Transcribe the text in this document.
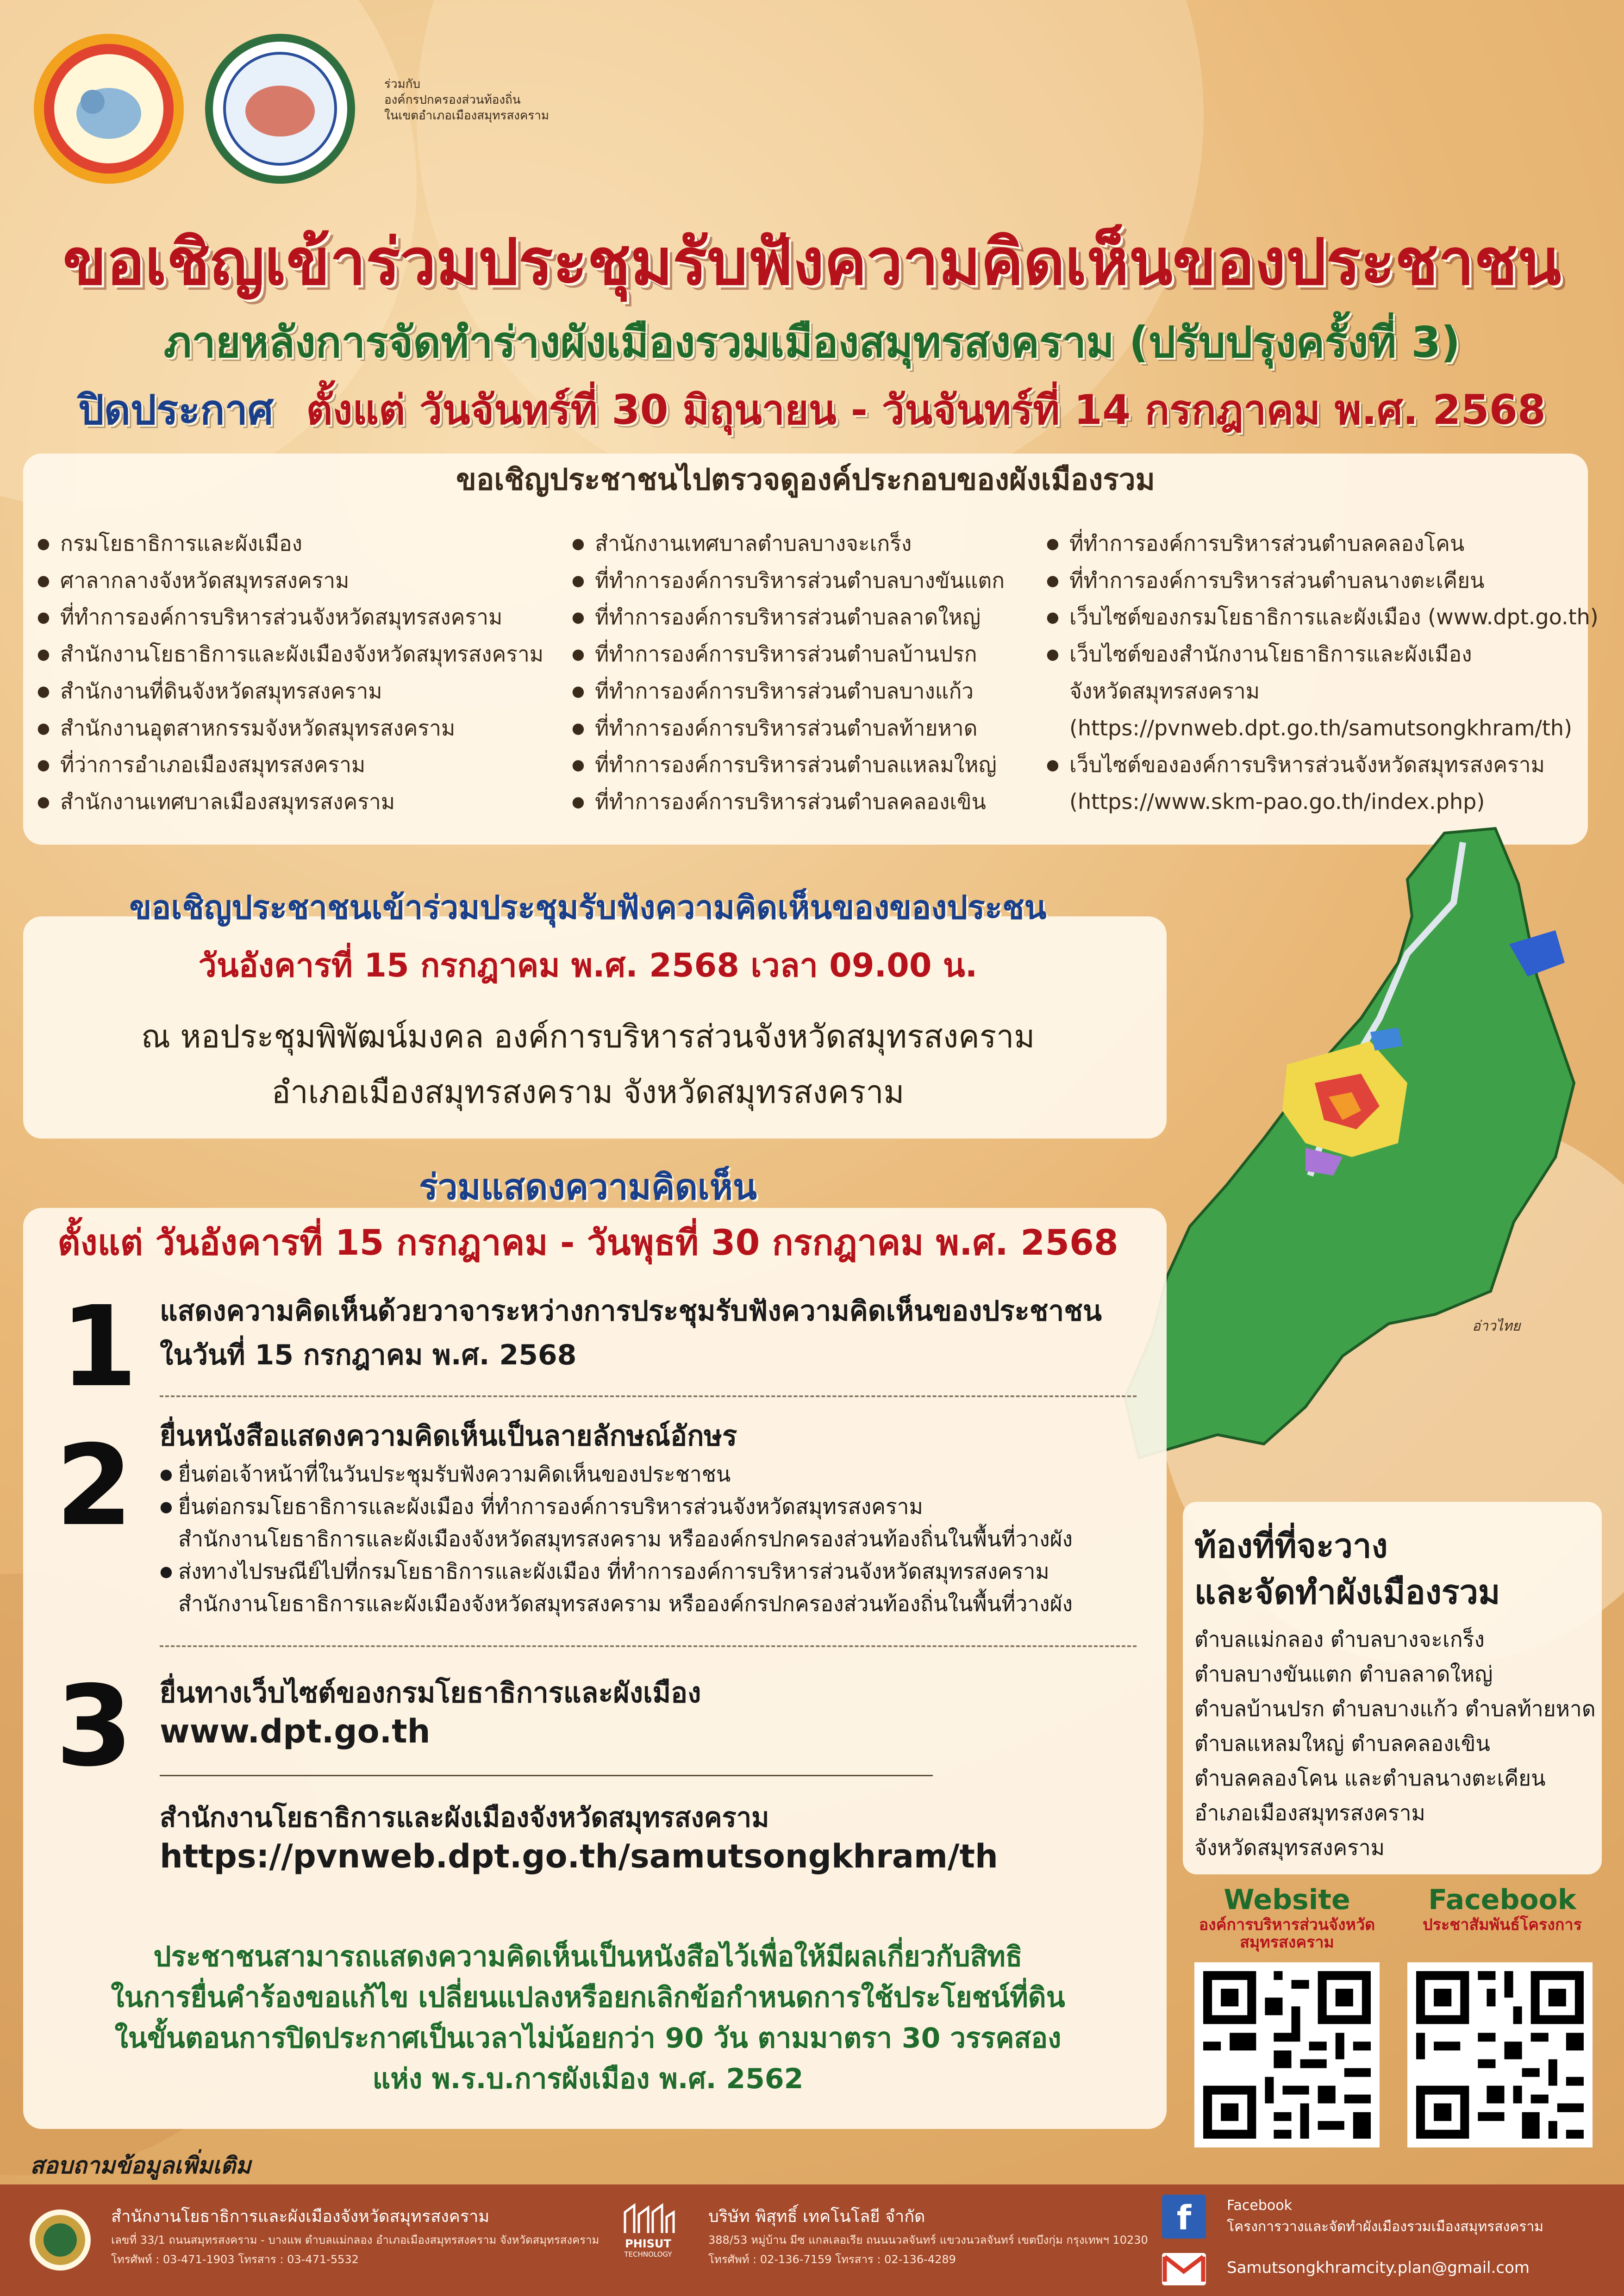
ร่วมกับ
องค์กรปกครองส่วนท้องถิ่น
ในเขตอำเภอเมืองสมุทรสงคราม
ขอเชิญเข้าร่วมประชุมรับฟังความคิดเห็นของประชาชน
ภายหลังการจัดทำร่างผังเมืองรวมเมืองสมุทรสงคราม (ปรับปรุงครั้งที่ 3)
ปิดประกาศ ตั้งแต่ วันจันทร์ที่ 30 มิถุนายน - วันจันทร์ที่ 14 กรกฎาคม พ.ศ. 2568
ขอเชิญประชาชนไปตรวจดูองค์ประกอบของผังเมืองรวม
● กรมโยธาธิการและผังเมือง
● ศาลากลางจังหวัดสมุทรสงคราม
● ที่ทำการองค์การบริหารส่วนจังหวัดสมุทรสงคราม
● สำนักงานโยธาธิการและผังเมืองจังหวัดสมุทรสงคราม
● สำนักงานที่ดินจังหวัดสมุทรสงคราม
● สำนักงานอุตสาหกรรมจังหวัดสมุทรสงคราม
● ที่ว่าการอำเภอเมืองสมุทรสงคราม
● สำนักงานเทศบาลเมืองสมุทรสงคราม
● สำนักงานเทศบาลตำบลบางจะเกร็ง
● ที่ทำการองค์การบริหารส่วนตำบลบางขันแตก
● ที่ทำการองค์การบริหารส่วนตำบลลาดใหญ่
● ที่ทำการองค์การบริหารส่วนตำบลบ้านปรก
● ที่ทำการองค์การบริหารส่วนตำบลบางแก้ว
● ที่ทำการองค์การบริหารส่วนตำบลท้ายหาด
● ที่ทำการองค์การบริหารส่วนตำบลแหลมใหญ่
● ที่ทำการองค์การบริหารส่วนตำบลคลองเขิน
● ที่ทำการองค์การบริหารส่วนตำบลคลองโคน
● ที่ทำการองค์การบริหารส่วนตำบลนางตะเคียน
● เว็บไซต์ของกรมโยธาธิการและผังเมือง (www.dpt.go.th)
● เว็บไซต์ของสำนักงานโยธาธิการและผังเมือง
จังหวัดสมุทรสงคราม
(https://pvnweb.dpt.go.th/samutsongkhram/th)
● เว็บไซต์ขององค์การบริหารส่วนจังหวัดสมุทรสงคราม
(https://www.skm-pao.go.th/index.php)
อ่าวไทย
ขอเชิญประชาชนเข้าร่วมประชุมรับฟังความคิดเห็นของของประชน
วันอังคารที่ 15 กรกฎาคม พ.ศ. 2568 เวลา 09.00 น.
ณ หอประชุมพิพัฒน์มงคล องค์การบริหารส่วนจังหวัดสมุทรสงคราม
อำเภอเมืองสมุทรสงคราม จังหวัดสมุทรสงคราม
ร่วมแสดงความคิดเห็น
ตั้งแต่ วันอังคารที่ 15 กรกฎาคม - วันพุธที่ 30 กรกฎาคม พ.ศ. 2568
1 แสดงความคิดเห็นด้วยวาจาระหว่างการประชุมรับฟังความคิดเห็นของประชาชน
ในวันที่ 15 กรกฎาคม พ.ศ. 2568
2 ยื่นหนังสือแสดงความคิดเห็นเป็นลายลักษณ์อักษร
● ยื่นต่อเจ้าหน้าที่ในวันประชุมรับฟังความคิดเห็นของประชาชน
● ยื่นต่อกรมโยธาธิการและผังเมือง ที่ทำการองค์การบริหารส่วนจังหวัดสมุทรสงคราม
สำนักงานโยธาธิการและผังเมืองจังหวัดสมุทรสงคราม หรือองค์กรปกครองส่วนท้องถิ่นในพื้นที่วางผัง
● ส่งทางไปรษณีย์ไปที่กรมโยธาธิการและผังเมือง ที่ทำการองค์การบริหารส่วนจังหวัดสมุทรสงคราม
สำนักงานโยธาธิการและผังเมืองจังหวัดสมุทรสงคราม หรือองค์กรปกครองส่วนท้องถิ่นในพื้นที่วางผัง
3 ยื่นทางเว็บไซต์ของกรมโยธาธิการและผังเมือง
www.dpt.go.th
สำนักงานโยธาธิการและผังเมืองจังหวัดสมุทรสงคราม
https://pvnweb.dpt.go.th/samutsongkhram/th
ประชาชนสามารถแสดงความคิดเห็นเป็นหนังสือไว้เพื่อให้มีผลเกี่ยวกับสิทธิ
ในการยื่นคำร้องขอแก้ไข เปลี่ยนแปลงหรือยกเลิกข้อกำหนดการใช้ประโยชน์ที่ดิน
ในขั้นตอนการปิดประกาศเป็นเวลาไม่น้อยกว่า 90 วัน ตามมาตรา 30 วรรคสอง
แห่ง พ.ร.บ.การผังเมือง พ.ศ. 2562
ท้องที่ที่จะวาง
และจัดทำผังเมืองรวม
ตำบลแม่กลอง ตำบลบางจะเกร็ง
ตำบลบางขันแตก ตำบลลาดใหญ่
ตำบลบ้านปรก ตำบลบางแก้ว ตำบลท้ายหาด
ตำบลแหลมใหญ่ ตำบลคลองเขิน
ตำบลคลองโคน และตำบลนางตะเคียน
อำเภอเมืองสมุทรสงคราม
จังหวัดสมุทรสงคราม
Website
องค์การบริหารส่วนจังหวัด
สมุทรสงคราม
Facebook
ประชาสัมพันธ์โครงการ
สอบถามข้อมูลเพิ่มเติม
สำนักงานโยธาธิการและผังเมืองจังหวัดสมุทรสงคราม
เลขที่ 33/1 ถนนสมุทรสงคราม - บางแพ ตำบลแม่กลอง อำเภอเมืองสมุทรสงคราม จังหวัดสมุทรสงคราม
โทรศัพท์ : 03-471-1903 โทรสาร : 03-471-5532
PHISUT
TECHNOLOGY
บริษัท พิสุทธิ์ เทคโนโลยี จำกัด
388/53 หมู่บ้าน มีซ แกลเลอเรีย ถนนนวลจันทร์ แขวงนวลจันทร์ เขตบึงกุ่ม กรุงเทพฯ 10230
โทรศัพท์ : 02-136-7159 โทรสาร : 02-136-4289
f	Facebook
โครงการวางและจัดทำผังเมืองรวมเมืองสมุทรสงคราม
Samutsongkhramcity.plan@gmail.com
